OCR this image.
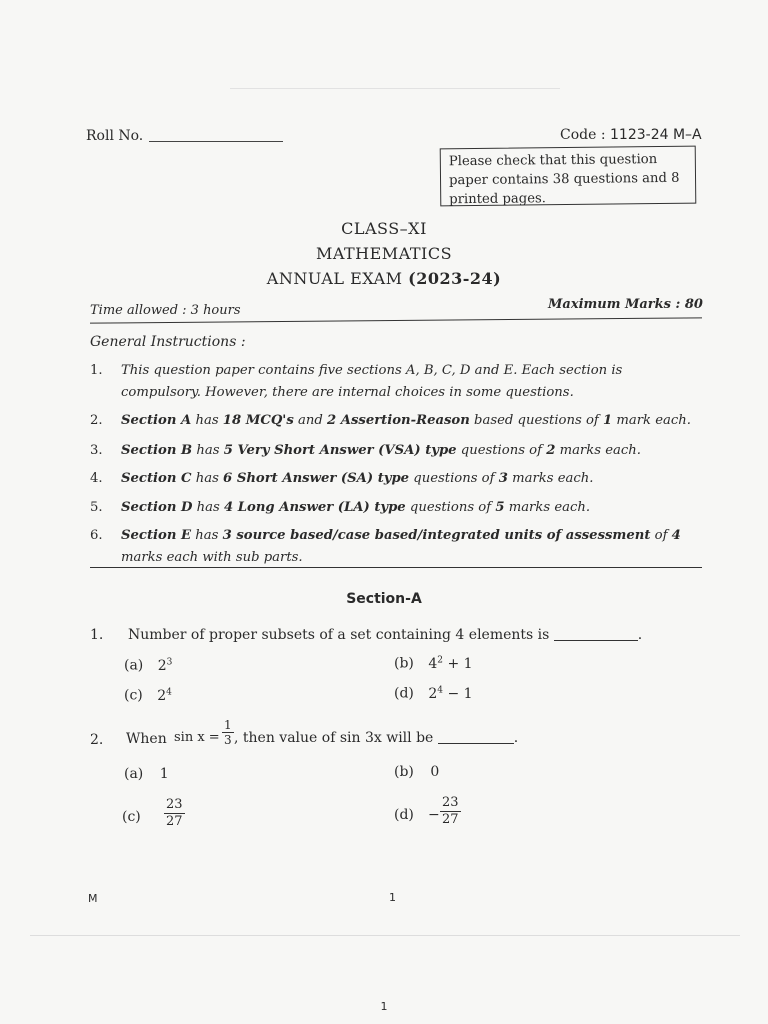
Roll No.	Code : 1123-24 M–A
Please check that this question paper contains 38 questions and 8 printed pages.
CLASS–XI
MATHEMATICS
ANNUAL EXAM (2023-24)
Time allowed : 3 hours	Maximum Marks : 80
General Instructions :
1. This question paper contains five sections A, B, C, D and E. Each section is compulsory. However, there are internal choices in some questions.
2. Section A has 18 MCQ's and 2 Assertion-Reason based questions of 1 mark each.
3. Section B has 5 Very Short Answer (VSA) type questions of 2 marks each.
4. Section C has 6 Short Answer (SA) type questions of 3 marks each.
5. Section D has 4 Long Answer (LA) type questions of 5 marks each.
6. Section E has 3 source based/case based/integrated units of assessment of 4 marks each with sub parts.
Section-A
1. Number of proper subsets of a set containing 4 elements is	.
(a) $2^3$	(b) $4^2 + 1$
(c) $2^4$	(d) $2^4 - 1$
2. When $\sin x = \frac{1}{3}$ , then value of sin 3x will be	.
(a) 1	(b) 0
$(c) \frac{23}{27}$	$(d) - \frac{23}{27}$
M	1
1
